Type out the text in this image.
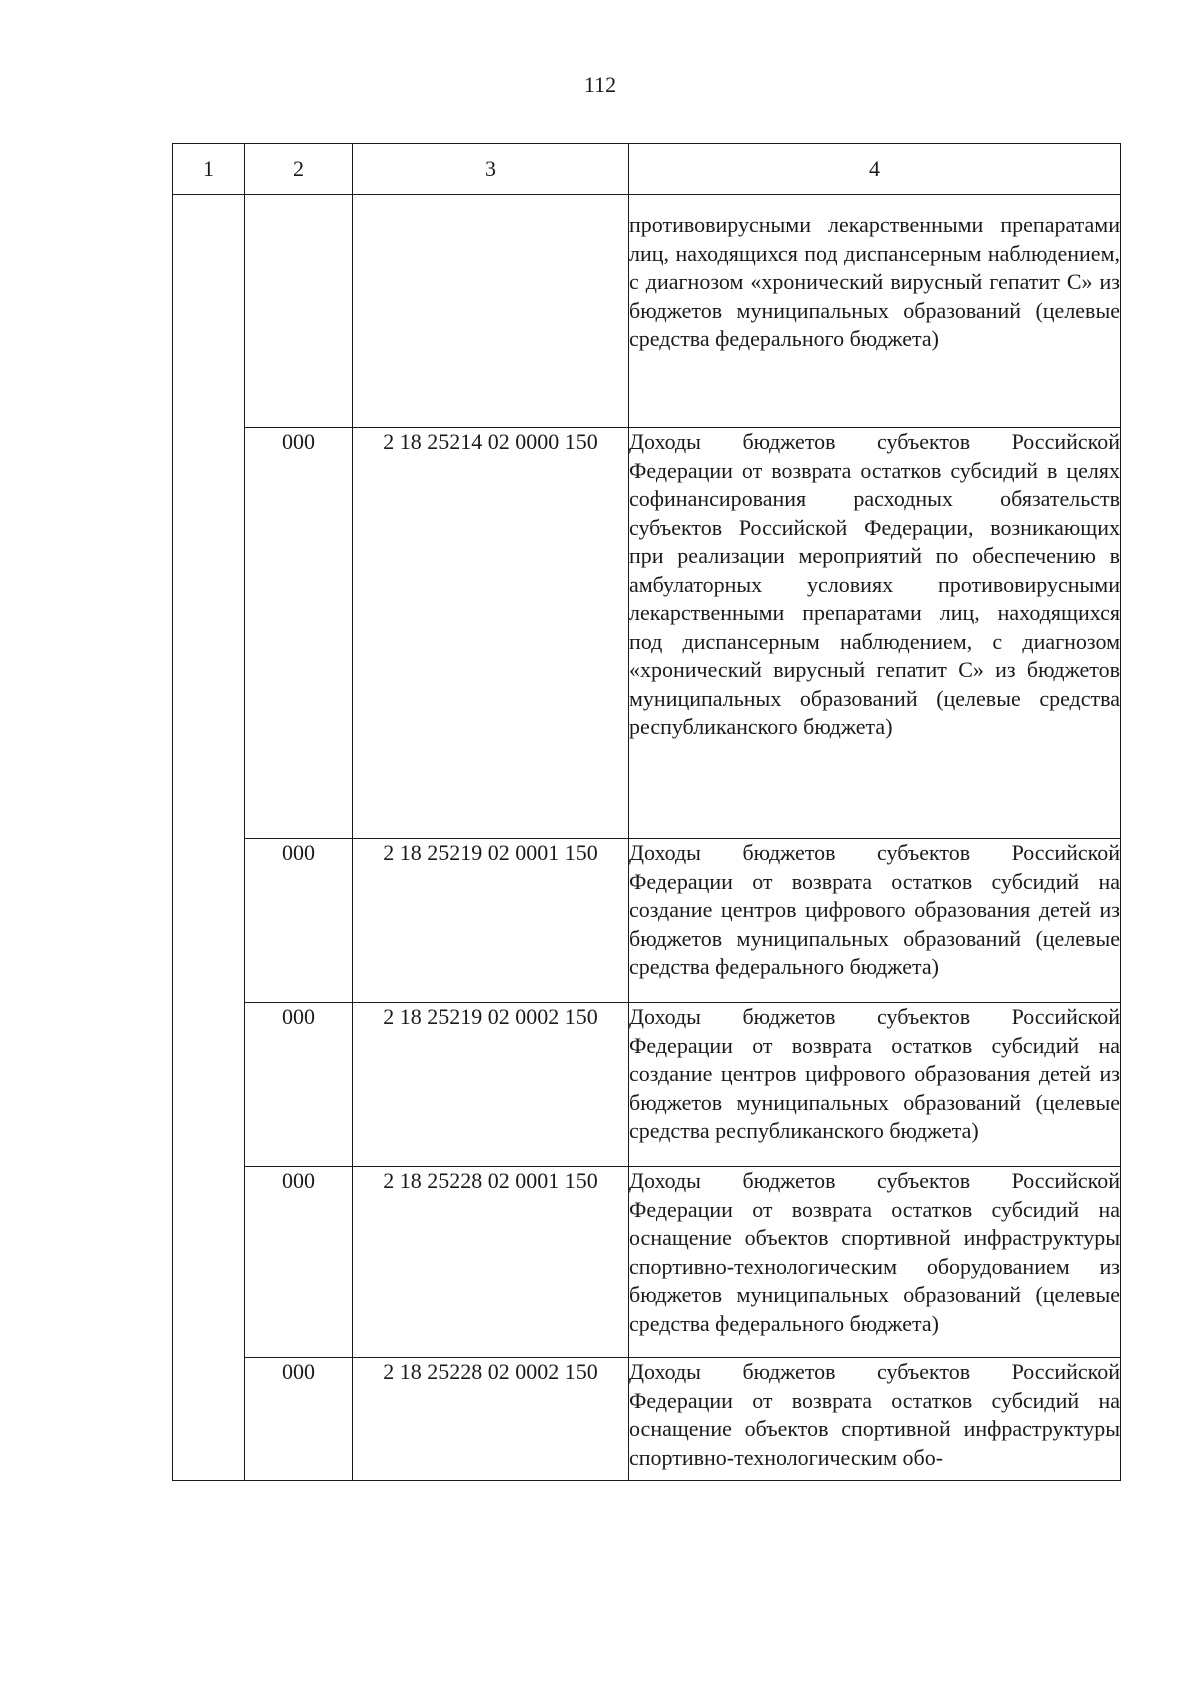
112
1	2	3	4

			противовирусными лекарственными препаратами лиц, находящихся под диспансерным наблюдением, с диагнозом «хронический вирусный гепатит С» из бюджетов муниципальных образований (целевые средства федерального бюджета)

	000	2 18 25214 02 0000 150	Доходы бюджетов субъектов Российской Федерации от возврата остатков субсидий в целях софинансирования расходных обязательств субъектов Российской Федерации, возникающих при реализации мероприятий по обеспечению в амбулаторных условиях противовирусными лекарственными препаратами лиц, находящихся под диспансерным наблюдением, с диагнозом «хронический вирусный гепатит С» из бюджетов муниципальных образований (целевые средства республиканского бюджета)

	000	2 18 25219 02 0001 150	Доходы бюджетов субъектов Российской Федерации от возврата остатков субсидий на создание центров цифрового образования детей из бюджетов муниципальных образований (целевые средства федерального бюджета)

	000	2 18 25219 02 0002 150	Доходы бюджетов субъектов Российской Федерации от возврата остатков субсидий на создание центров цифрового образования детей из бюджетов муниципальных образований (целевые средства республиканского бюджета)

	000	2 18 25228 02 0001 150	Доходы бюджетов субъектов Российской Федерации от возврата остатков субсидий на оснащение объектов спортивной инфраструктуры спортивно-технологическим оборудованием из бюджетов муниципальных образований (целевые средства федерального бюджета)

	000	2 18 25228 02 0002 150	Доходы бюджетов субъектов Российской Федерации от возврата остатков субсидий на оснащение объектов спортивной инфраструктуры спортивно-технологическим обо-
